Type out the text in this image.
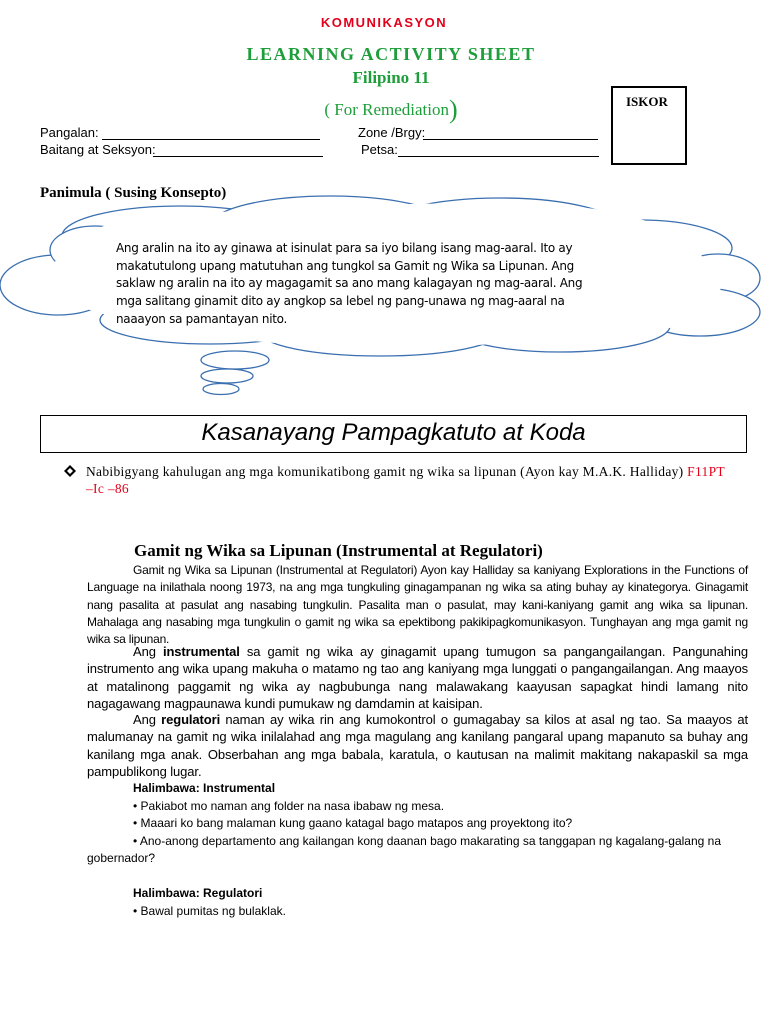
KOMUNIKASYON
LEARNING ACTIVITY SHEET
Filipino 11
( For Remediation)	ISKOR
Pangalan:
Baitang at Seksyon:
Zone /Brgy:
Petsa:
Panimula ( Susing Konsepto)
Ang aralin na ito ay ginawa at isinulat para sa iyo bilang isang mag-aaral. Ito ay
makatutulong upang matutuhan ang tungkol sa Gamit ng Wika sa Lipunan. Ang
saklaw ng aralin na ito ay magagamit sa ano mang kalagayan ng mag-aaral. Ang
mga salitang ginamit dito ay angkop sa lebel ng pang-unawa ng mag-aaral na
naaayon sa pamantayan nito.
Kasanayang Pampagkatuto at Koda
Nabibigyang kahulugan ang mga komunikatibong gamit ng wika sa lipunan (Ayon kay M.A.K. Halliday) F11PT –Ic –86
Gamit ng Wika sa Lipunan (Instrumental at Regulatori)
Gamit ng Wika sa Lipunan (Instrumental at Regulatori) Ayon kay Halliday sa kaniyang Explorations in the Functions of Language na inilathala noong 1973, na ang mga tungkuling ginagampanan ng wika sa ating buhay ay kinategorya. Ginagamit nang pasalita at pasulat ang nasabing tungkulin. Pasalita man o pasulat, may kani-kaniyang gamit ang wika sa lipunan. Mahalaga ang nasabing mga tungkulin o gamit ng wika sa epektibong pakikipagkomunikasyon. Tunghayan ang mga gamit ng wika sa lipunan.
Ang instrumental sa gamit ng wika ay ginagamit upang tumugon sa pangangailangan. Pangunahing instrumento ang wika upang makuha o matamo ng tao ang kaniyang mga lunggati o pangangailangan. Ang maayos at matalinong paggamit ng wika ay nagbubunga nang malawakang kaayusan sapagkat hindi lamang nito nagagawang magpaunawa kundi pumukaw ng damdamin at kaisipan.
Ang regulatori naman ay wika rin ang kumokontrol o gumagabay sa kilos at asal ng tao. Sa maayos at malumanay na gamit ng wika inilalahad ang mga magulang ang kanilang pangaral upang mapanuto sa buhay ang kanilang mga anak. Obserbahan ang mga babala, karatula, o kautusan na malimit makitang nakapaskil sa mga pampublikong lugar.
Halimbawa: Instrumental
• Pakiabot mo naman ang folder na nasa ibabaw ng mesa.
• Maaari ko bang malaman kung gaano katagal bago matapos ang proyektong ito?
• Ano-anong departamento ang kailangan kong daanan bago makarating sa tanggapan ng kagalang-galang na gobernador?
Halimbawa: Regulatori
• Bawal pumitas ng bulaklak.
